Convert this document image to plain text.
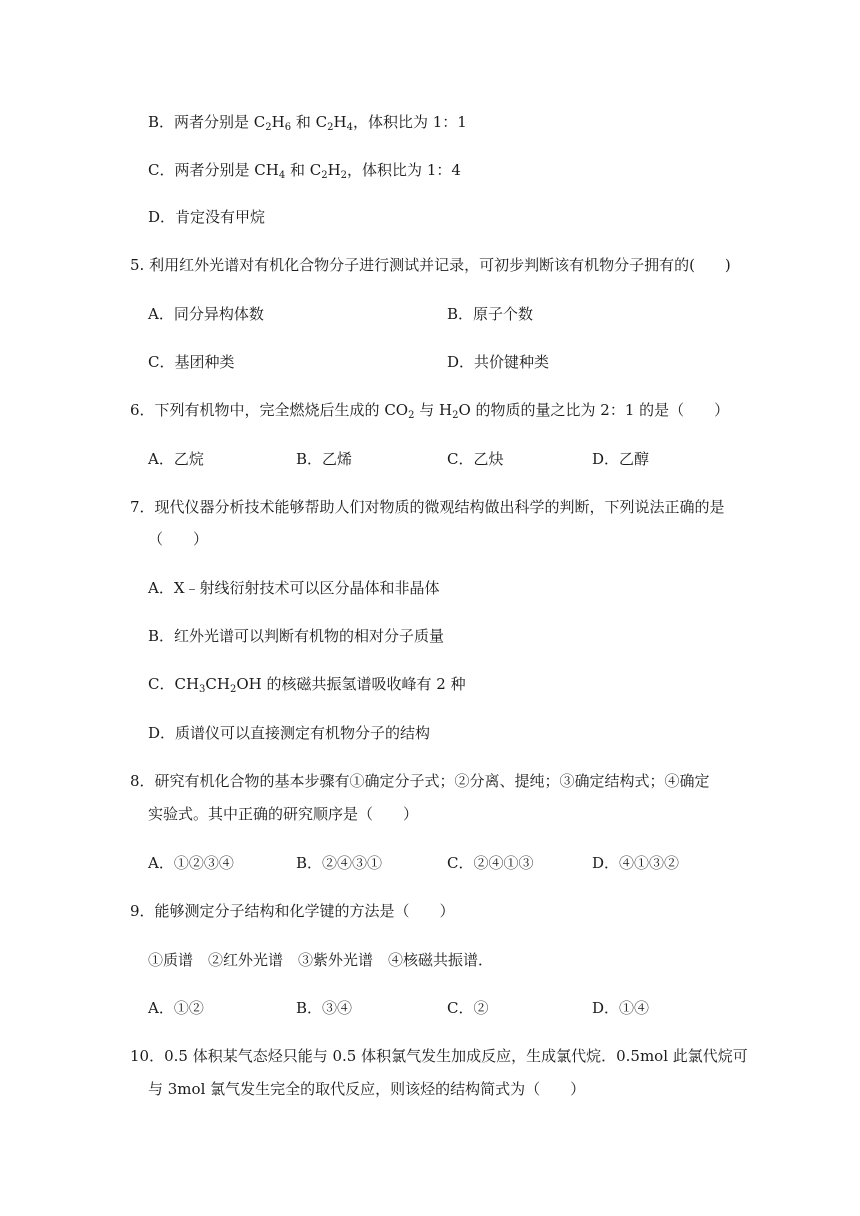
B．两者分别是 $C_2H_6$ 和 $C_2H_4$，体积比为 1：1
C．两者分别是 $CH_4$ 和 $C_2H_2$，体积比为 1：4
D．肯定没有甲烷
5. 利用红外光谱对有机化合物分子进行测试并记录，可初步判断该有机物分子拥有的(　　)
A．同分异构体数	B．原子个数
C．基团种类	D．共价键种类
6．下列有机物中，完全燃烧后生成的 $CO_2$ 与 $H_2O$ 的物质的量之比为 2：1 的是（　　）
A．乙烷	B．乙烯	C．乙炔	D．乙醇
7．现代仪器分析技术能够帮助人们对物质的微观结构做出科学的判断，下列说法正确的是
（　　）
A．X﹣射线衍射技术可以区分晶体和非晶体
B．红外光谱可以判断有机物的相对分子质量
C．$CH_3CH_2OH$ 的核磁共振氢谱吸收峰有 2 种
D．质谱仪可以直接测定有机物分子的结构
8．研究有机化合物的基本步骤有①确定分子式；②分离、提纯；③确定结构式；④确定
实验式。其中正确的研究顺序是（　　）
A．①②③④	B．②④③①	C．②④①③	D．④①③②
9．能够测定分子结构和化学键的方法是（　　）
①质谱　②红外光谱　③紫外光谱　④核磁共振谱．
A．①②	B．③④	C．②	D．①④
10．0.5 体积某气态烃只能与 0.5 体积氯气发生加成反应，生成氯代烷．0.5mol 此氯代烷可
与 3mol 氯气发生完全的取代反应，则该烃的结构简式为（　　）
